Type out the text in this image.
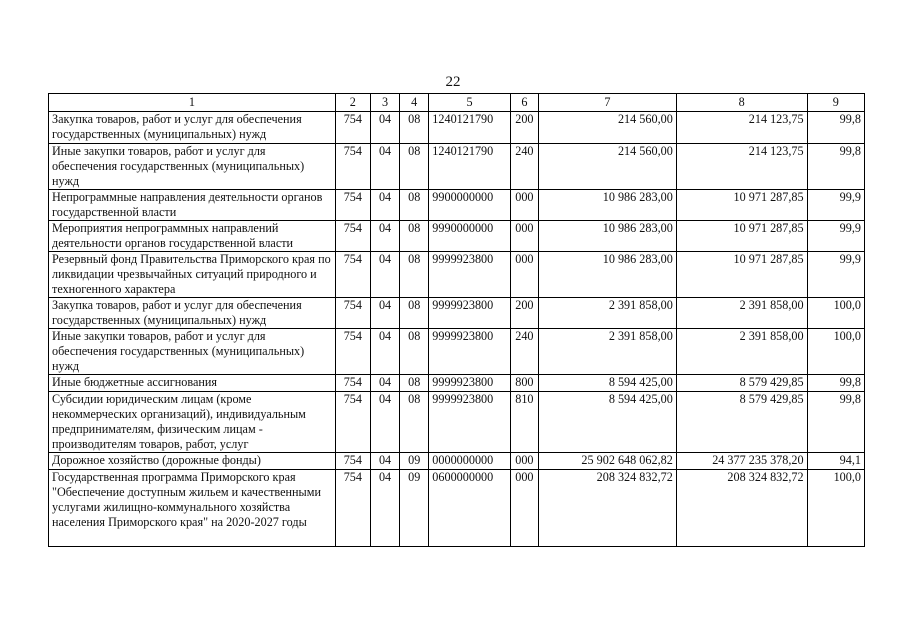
22
1	2	3	4	5	6	7	8	9
Закупка товаров, работ и услуг для обеспечения государственных (муниципальных) нужд	754	04	08	1240121790	200	214 560,00	214 123,75	99,8
Иные закупки товаров, работ и услуг для обеспечения государственных (муниципальных) нужд	754	04	08	1240121790	240	214 560,00	214 123,75	99,8
Непрограммные направления деятельности органов государственной власти	754	04	08	9900000000	000	10 986 283,00	10 971 287,85	99,9
Мероприятия непрограммных направлений деятельности органов государственной власти	754	04	08	9990000000	000	10 986 283,00	10 971 287,85	99,9
Резервный фонд Правительства Приморского края по ликвидации чрезвычайных ситуаций природного и техногенного характера	754	04	08	9999923800	000	10 986 283,00	10 971 287,85	99,9
Закупка товаров, работ и услуг для обеспечения государственных (муниципальных) нужд	754	04	08	9999923800	200	2 391 858,00	2 391 858,00	100,0
Иные закупки товаров, работ и услуг для обеспечения государственных (муниципальных) нужд	754	04	08	9999923800	240	2 391 858,00	2 391 858,00	100,0
Иные бюджетные ассигнования	754	04	08	9999923800	800	8 594 425,00	8 579 429,85	99,8
Субсидии юридическим лицам (кроме некоммерческих организаций), индивидуальным предпринимателям, физическим лицам - производителям товаров, работ, услуг	754	04	08	9999923800	810	8 594 425,00	8 579 429,85	99,8
Дорожное хозяйство (дорожные фонды)	754	04	09	0000000000	000	25 902 648 062,82	24 377 235 378,20	94,1
Государственная программа Приморского края "Обеспечение доступным жильем и качественными услугами жилищно-коммунального хозяйства населения Приморского края" на 2020-2027 годы	754	04	09	0600000000	000	208 324 832,72	208 324 832,72	100,0
